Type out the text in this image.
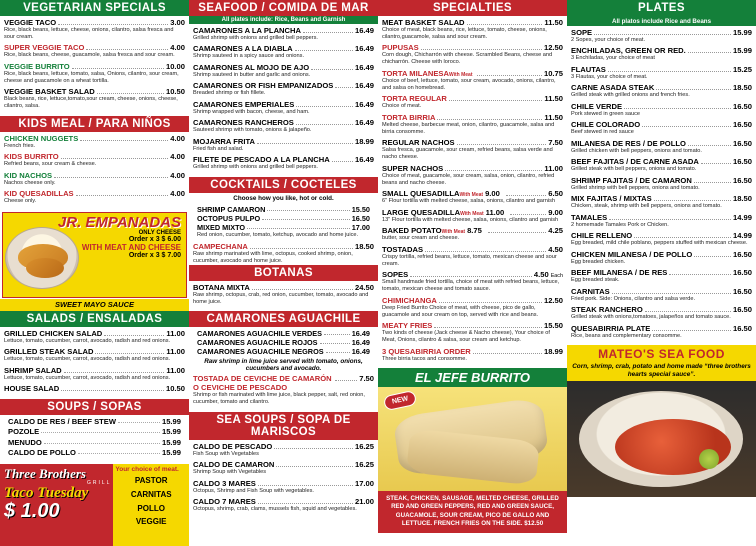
VEGETARIAN SPECIALS
VEGGIE TACO	3.00
Rice, black beans, lettuce, cheese, onions, cilantro, salsa fresca and sour cream.
SUPER VEGGIE TACO	4.00
Rice, black beans, cheese, guacamole, salsa fresca and sour cream.
VEGGIE BURRITO	10.00
Rice, black beans, lettuce, tomato, salsa, Onions, cilantro, sour cream, cheese and guacamole on a wheat tortilla.
VEGGIE BASKET SALAD	10.50
Black beans, rice, lettuce,tomato,sour cream, cheese, onions, cheese, cilantro, salsa.
KIDS MEAL / PARA NIÑOS
CHICKEN NUGGETS	4.00
French fries.
KIDS BURRITO	4.00
Refried beans, sour cream & cheese.
KID NACHOS	4.00
Nachos cheese only.
KID QUESADILLAS	4.00
Cheese only.
JR. EMPANADAS
ONLY CHEESE
Order x 3 $ 6.00
WITH MEAT AND CHEESE
Order x 3 $ 7.00
SWEET MAYO SAUCE
SALADS / ENSALADAS
GRILLED CHICKEN SALAD	11.00
Lettuce, tomato, cucumber, carrot, avocado, radish and red onions.
GRILLED STEAK SALAD	11.00
Lettuce, tomato, cucumber, carrot, avocado, radish and red onions.
SHRIMP SALAD	11.00
Lettuce, tomato, cucumber, carrot, avocado, radish and red onions.
HOUSE SALAD	10.50
SOUPS / SOPAS
CALDO DE RES / BEEF STEW	15.99
POZOLE	15.99
MENUDO	15.99
CALDO DE POLLO	15.99
Three Brothers
GRILL
Taco Tuesday
$ 1.00
Your choice of meat.
PASTOR
CARNITAS
POLLO
VEGGIE
SEAFOOD / COMIDA DE MAR
All plates include: Rice, Beans and Garnish
CAMARONES A LA PLANCHA	16.49
Grilled shrimp with onions and grilled bell peppers.
CAMARONES A LA DIABLA	16.49
Shrimp sauteed in a spicy sauce and onions.
CAMARONES AL MOJO DE AJO	16.49
Shrimp sauteed in butter and garlic and onions.
CAMARONES OR FISH EMPANIZADOS	16.49
Breaded shrimp or fish fillete.
CAMARONES EMPERIALES	16.49
Shrimp wrapped with bacon, cheese, and ham.
CAMARONES RANCHEROS	16.49
Sauteed shrimp with tomato, onions & jalapeño.
MOJARRA FRITA	18.99
Fried fish and salad.
FILETE DE PESCADO A LA PLANCHA	16.49
Grilled shrimp with onions and grilled bell peppers.
COCKTAILS / COCTELES
Choose how you like, hot or cold.
SHRIMP CAMARON	15.50
OCTOPUS PULPO	16.50
MIXED MIXTO	17.00
Red onion, cucumber, tomato, ketchup, avocado and home juice.
CAMPECHANA	18.50
Raw shrimp marinated with lime, octopus, cooked shrimp, onion, cucumber, avocado and home juice.
BOTANAS
BOTANA MIXTA	24.50
Raw shrimp, octopus, crab, red onion, cucumber, tomato, avocado and home juice.
CAMARONES AGUACHILE
CAMARONES AGUACHILE VERDES	16.49
CAMARONES AGUACHILE ROJOS	16.49
CAMARONES AGUACHILE NEGROS	16.49
Raw shrimp in lime juice served with tomato, onions, cucumbers and avocado.
TOSTADA DE CEVICHE DE CAMARÓN O CEVICHE DE PESCADO
7.50
Shrimp or fish marinated with lime juice, black pepper, salt, red onion, cucumber, tomato and cilantro.
SEA SOUPS / SOPA DE MARISCOS
CALDO DE PESCADO	16.25
Fish Soup with Vegetables
CALDO DE CAMARON	16.25
Shrimp Soup with Vegetables
CALDO 3 MARES	17.00
Octopus, Shrimp and Fish Soup with vegetables.
CALDO 7 MARES	21.00
Octopus, shrimp, crab, clams, mussels fish, squid and vegetables.
SPECIALTIES
MEAT BASKET SALAD	11.50
Choice of meat, black beans, rice, lettuce, tomato, cheese, onions, cilantro,guacamole, salsa and sour cream.
PUPUSAS	12.50
Corn dough, Chicharrón with cheese. Scrambled Beans, cheese and chicharrón. Cheese with loroco.
TORTA MILANESA With Meat	10.75
Choice of beef, lettuce, tomato, sour cream, avocado, onions, cilantro, and salsa on homebread.
TORTA REGULAR	11.50
Choice of meat.
TORTA BIRRIA	11.50
Melted cheese, barbecue meat, onion, cilantro, guacamole, salsa and birria consomme.
REGULAR NACHOS	7.50
Salsa fresca, guacamole, sour cream, refried beans, salsa verde and nacho cheese.
SUPER NACHOS	11.00
Choice of meat, guacamole, sour cream, salsa, onion, cilantro, refried beans and nacho cheese.
SMALL QUESADILLA With Meat 9.00	6.50
6" Flour tortilla with melted cheese, salsa, onions, cilantro and garnish
LARGE QUESADILLA With Meat 11.00	9.00
13" Flour tortilla with melted cheese, salsa, onions, cilantro and garnish
BAKED POTATO With Meat 8.75	4.25
butter, sour cream and cheese.
TOSTADAS	4.50
Crispy tortilla, refried beans, lettuce, tomato, mexican cheese and sour cream.
SOPES	4.50 Each
Small handmade fried tortilla, choice of meat with refried beans, lettuce, tomato, mexican cheese and tomato sauce.
CHIMICHANGA	12.50
Deep Fried Burrito Choice of meat, with cheese, pico de gallo, guacamole and sour cream on top, served with rice and beans.
MEATY FRIES	15.50
Two kinds of cheese (Jack cheese & Nacho cheese), Your choice of Meat, Onions, cilantro & salsa, sour cream and ketchup.
3 QUESABIRRIA ORDER	18.99
Three birria tacos and consomme.
EL JEFE BURRITO
NEW
STEAK, CHICKEN, SAUSAGE, MELTED CHEESE, GRILLED RED AND GREEN PEPPERS, RED AND GREEN SAUCE, GUACAMOLE, SOUR CREAM, PICO DE GALLO AND LETTUCE. FRENCH FRIES ON THE SIDE. $12.50
PLATES
All platos include Rice and Beans
SOPE	15.99
2 Sopes, your choice of meat.
ENCHILADAS, GREEN OR RED.	15.99
3 Enchiladas, your choice of meat
FLAUTAS	15.25
3 Flautas, your choice of meat.
CARNE ASADA STEAK	18.50
Grilled steak with grilled onions and french fries.
CHILE VERDE	16.50
Pork stewed in green sauce
CHILE COLORADO	16.50
Beef stewed in red sauce
MILANESA DE RES / DE POLLO	16.50
Grilled chicken with bell peppers, onions and tomato.
BEEF FAJITAS / DE CARNE ASADA	16.50
Grilled steak with bell peppers, onions and tomato.
SHRIMP FAJITAS / DE CAMARON	16.50
Grilled shrimp with bell peppers, onions and tomato.
MIX FAJITAS / MIXTAS	18.50
Chicken, steak, shrimp with bell peppers, onions and tomato.
TAMALES	14.99
2 homemade Tamales Pork or Chicken.
CHILE RELLENO	14.99
Egg breaded, mild chile poblano, peppers stuffed with mexican cheese.
CHICKEN MILANESA / DE POLLO	16.50
Egg breaded chicken.
BEEF MILANESA / DE RES	16.50
Egg breaded steak.
CARNITAS	16.50
Fried pork. Side: Onions, cilantro and salsa verde.
STEAK RANCHERO	16.50
Grilled steak with onions,tomatoes, jalapeños and tomato sauce.
QUESABIRRIA PLATE	16.50
Rice, beans and complementary consomme.
MATEO'S SEA FOOD
Corn, shrimp, crab, potato and home made “three brothers hearts special sauce”.
